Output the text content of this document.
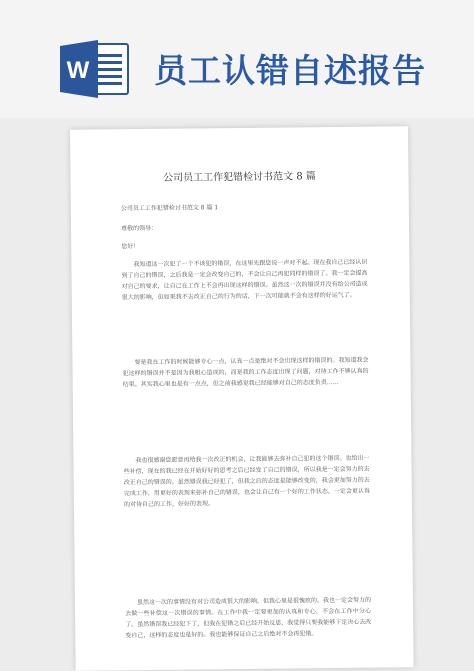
W 员工认错自述报告
公司员工工作犯错检讨书范文 8 篇
公司员工工作犯错检讨书范文 8 篇 1
尊敬的领导：
您好！
我知道这一次犯了一个不该犯的错误，在这里先跟您说一声对不起。现在我自己已经认识到了自己的错误，之后我是一定会改变自己的，不会让自己再犯同样的错误了。我一定会提高对自己的要求，让自己在工作上不会再出现这样的错误。虽然这一次的错误并没有给公司造成很大的影响，但如果我不去改正自己的行为的话，下一次可能就不会有这样的好运气了。
要是我在工作的时候能够专心一点，认真一点是绝对不会出现这样的错误的。我知道我会犯这样的错误并不是因为我粗心造成的，而是我的工作态度出现了问题，对待工作不够认真的结果。其实我心里也是有一点点，但之前我感觉我已经能够对自己的态度负责……
我也很感谢您愿意再给我一次改正的机会，让我能够去弥补自己犯的这个错误。也给出一些补偿，现在的我已经在开始好好的思考之后已经发了自己的错误，所以我是一定会努力的去改正自己的错误的。虽然错误我已经犯了，但我之后的态度是能够改变的，我会更加努力的去完成工作，用更好的表现来弥补自己的错误，也会让自己有一个好的工作状态，一定会更认真的对待自己的工作，好好的表现。
虽然这一次的事情没有对公司造成很大的影响，但我心里是很愧疚的。我也一定会努力的去做一些补偿这一次错误的事情。在工作中我一定要更加的认真和专心，不会在工作中分心了。虽然错误我已经犯下了，但我在犯错之后已经开始反思，我觉得只要我能够下定决心去改变自己，这样的态度也是好的。我也能够保证自己之后绝对不会再犯错。
